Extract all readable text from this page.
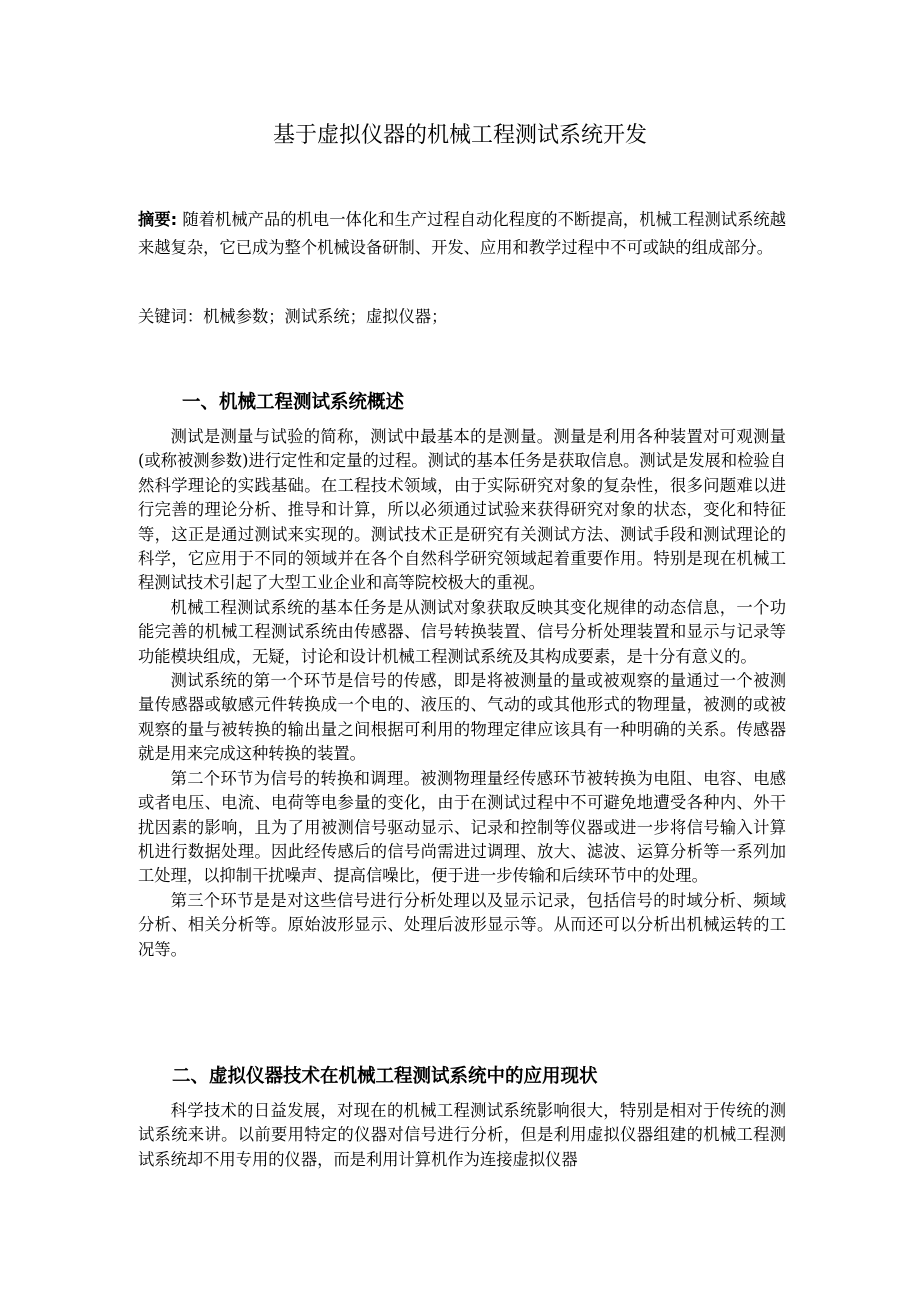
基于虚拟仪器的机械工程测试系统开发

摘要: 随着机械产品的机电一体化和生产过程自动化程度的不断提高，机械工程测试系统越来越复杂，它已成为整个机械设备研制、开发、应用和教学过程中不可或缺的组成部分。

关键词：机械参数；测试系统；虚拟仪器；

一、机械工程测试系统概述

测试是测量与试验的简称，测试中最基本的是测量。测量是利用各种装置对可观测量(或称被测参数)进行定性和定量的过程。测试的基本任务是获取信息。测试是发展和检验自然科学理论的实践基础。在工程技术领域，由于实际研究对象的复杂性，很多问题难以进行完善的理论分析、推导和计算，所以必须通过试验来获得研究对象的状态，变化和特征等，这正是通过测试来实现的。测试技术正是研究有关测试方法、测试手段和测试理论的科学，它应用于不同的领域并在各个自然科学研究领域起着重要作用。特别是现在机械工程测试技术引起了大型工业企业和高等院校极大的重视。

机械工程测试系统的基本任务是从测试对象获取反映其变化规律的动态信息，一个功能完善的机械工程测试系统由传感器、信号转换装置、信号分析处理装置和显示与记录等功能模块组成，无疑，讨论和设计机械工程测试系统及其构成要素，是十分有意义的。

测试系统的第一个环节是信号的传感，即是将被测量的量或被观察的量通过一个被测量传感器或敏感元件转换成一个电的、液压的、气动的或其他形式的物理量，被测的或被观察的量与被转换的输出量之间根据可利用的物理定律应该具有一种明确的关系。传感器就是用来完成这种转换的装置。

第二个环节为信号的转换和调理。被测物理量经传感环节被转换为电阻、电容、电感或者电压、电流、电荷等电参量的变化，由于在测试过程中不可避免地遭受各种内、外干扰因素的影响，且为了用被测信号驱动显示、记录和控制等仪器或进一步将信号输入计算机进行数据处理。因此经传感后的信号尚需进过调理、放大、滤波、运算分析等一系列加工处理，以抑制干扰噪声、提高信噪比，便于进一步传输和后续环节中的处理。

第三个环节是是对这些信号进行分析处理以及显示记录，包括信号的时域分析、频域分析、相关分析等。原始波形显示、处理后波形显示等。从而还可以分析出机械运转的工况等。

二、虚拟仪器技术在机械工程测试系统中的应用现状

科学技术的日益发展，对现在的机械工程测试系统影响很大，特别是相对于传统的测试系统来讲。以前要用特定的仪器对信号进行分析，但是利用虚拟仪器组建的机械工程测试系统却不用专用的仪器，而是利用计算机作为连接虚拟仪器
